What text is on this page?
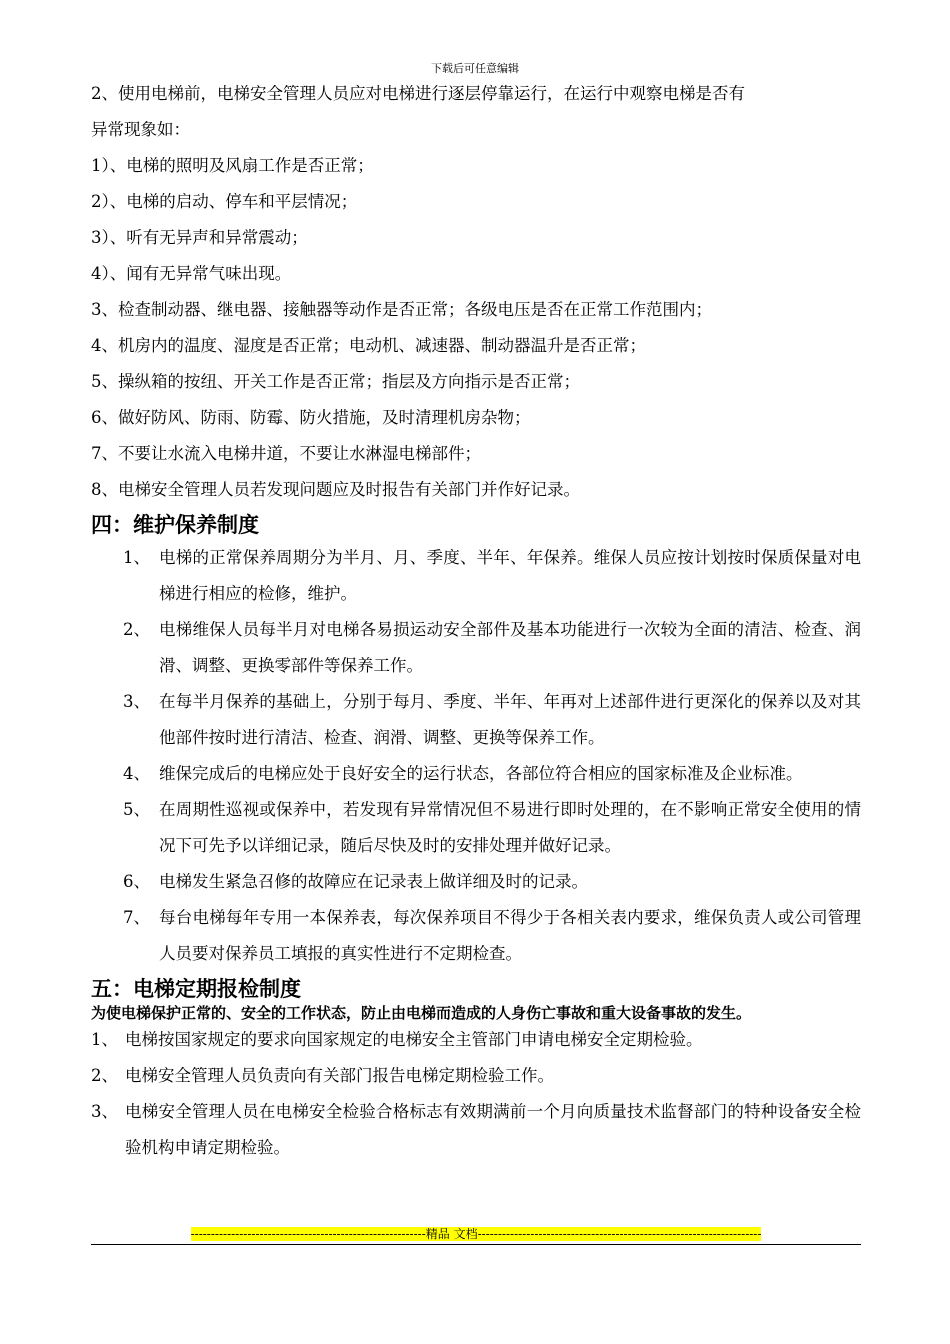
下载后可任意编辑
2、使用电梯前，电梯安全管理人员应对电梯进行逐层停靠运行，在运行中观察电梯是否有
异常现象如：
1）、电梯的照明及风扇工作是否正常；
2）、电梯的启动、停车和平层情况；
3）、听有无异声和异常震动；
4）、闻有无异常气味出现。
3、检查制动器、继电器、接触器等动作是否正常；各级电压是否在正常工作范围内；
4、机房内的温度、湿度是否正常；电动机、减速器、制动器温升是否正常；
5、操纵箱的按纽、开关工作是否正常；指层及方向指示是否正常；
6、做好防风、防雨、防霉、防火措施，及时清理机房杂物；
7、不要让水流入电梯井道，不要让水淋湿电梯部件；
8、电梯安全管理人员若发现问题应及时报告有关部门并作好记录。
四：维护保养制度
1、 电梯的正常保养周期分为半月、月、季度、半年、年保养。维保人员应按计划按时保质保量对电梯进行相应的检修，维护。
2、 电梯维保人员每半月对电梯各易损运动安全部件及基本功能进行一次较为全面的清洁、检查、润滑、调整、更换零部件等保养工作。
3、 在每半月保养的基础上，分别于每月、季度、半年、年再对上述部件进行更深化的保养以及对其他部件按时进行清洁、检查、润滑、调整、更换等保养工作。
4、 维保完成后的电梯应处于良好安全的运行状态，各部位符合相应的国家标准及企业标准。
5、 在周期性巡视或保养中，若发现有异常情况但不易进行即时处理的，在不影响正常安全使用的情况下可先予以详细记录，随后尽快及时的安排处理并做好记录。
6、 电梯发生紧急召修的故障应在记录表上做详细及时的记录。
7、 每台电梯每年专用一本保养表，每次保养项目不得少于各相关表内要求，维保负责人或公司管理人员要对保养员工填报的真实性进行不定期检查。
五：电梯定期报检制度
为使电梯保护正常的、安全的工作状态，防止由电梯而造成的人身伤亡事故和重大设备事故的发生。
1、 电梯按国家规定的要求向国家规定的电梯安全主管部门申请电梯安全定期检验。
2、 电梯安全管理人员负责向有关部门报告电梯定期检验工作。
3、 电梯安全管理人员在电梯安全检验合格标志有效期满前一个月向质量技术监督部门的特种设备安全检验机构申请定期检验。
----------------------------------------------------------精品 文档----------------------------------------------------------------------
